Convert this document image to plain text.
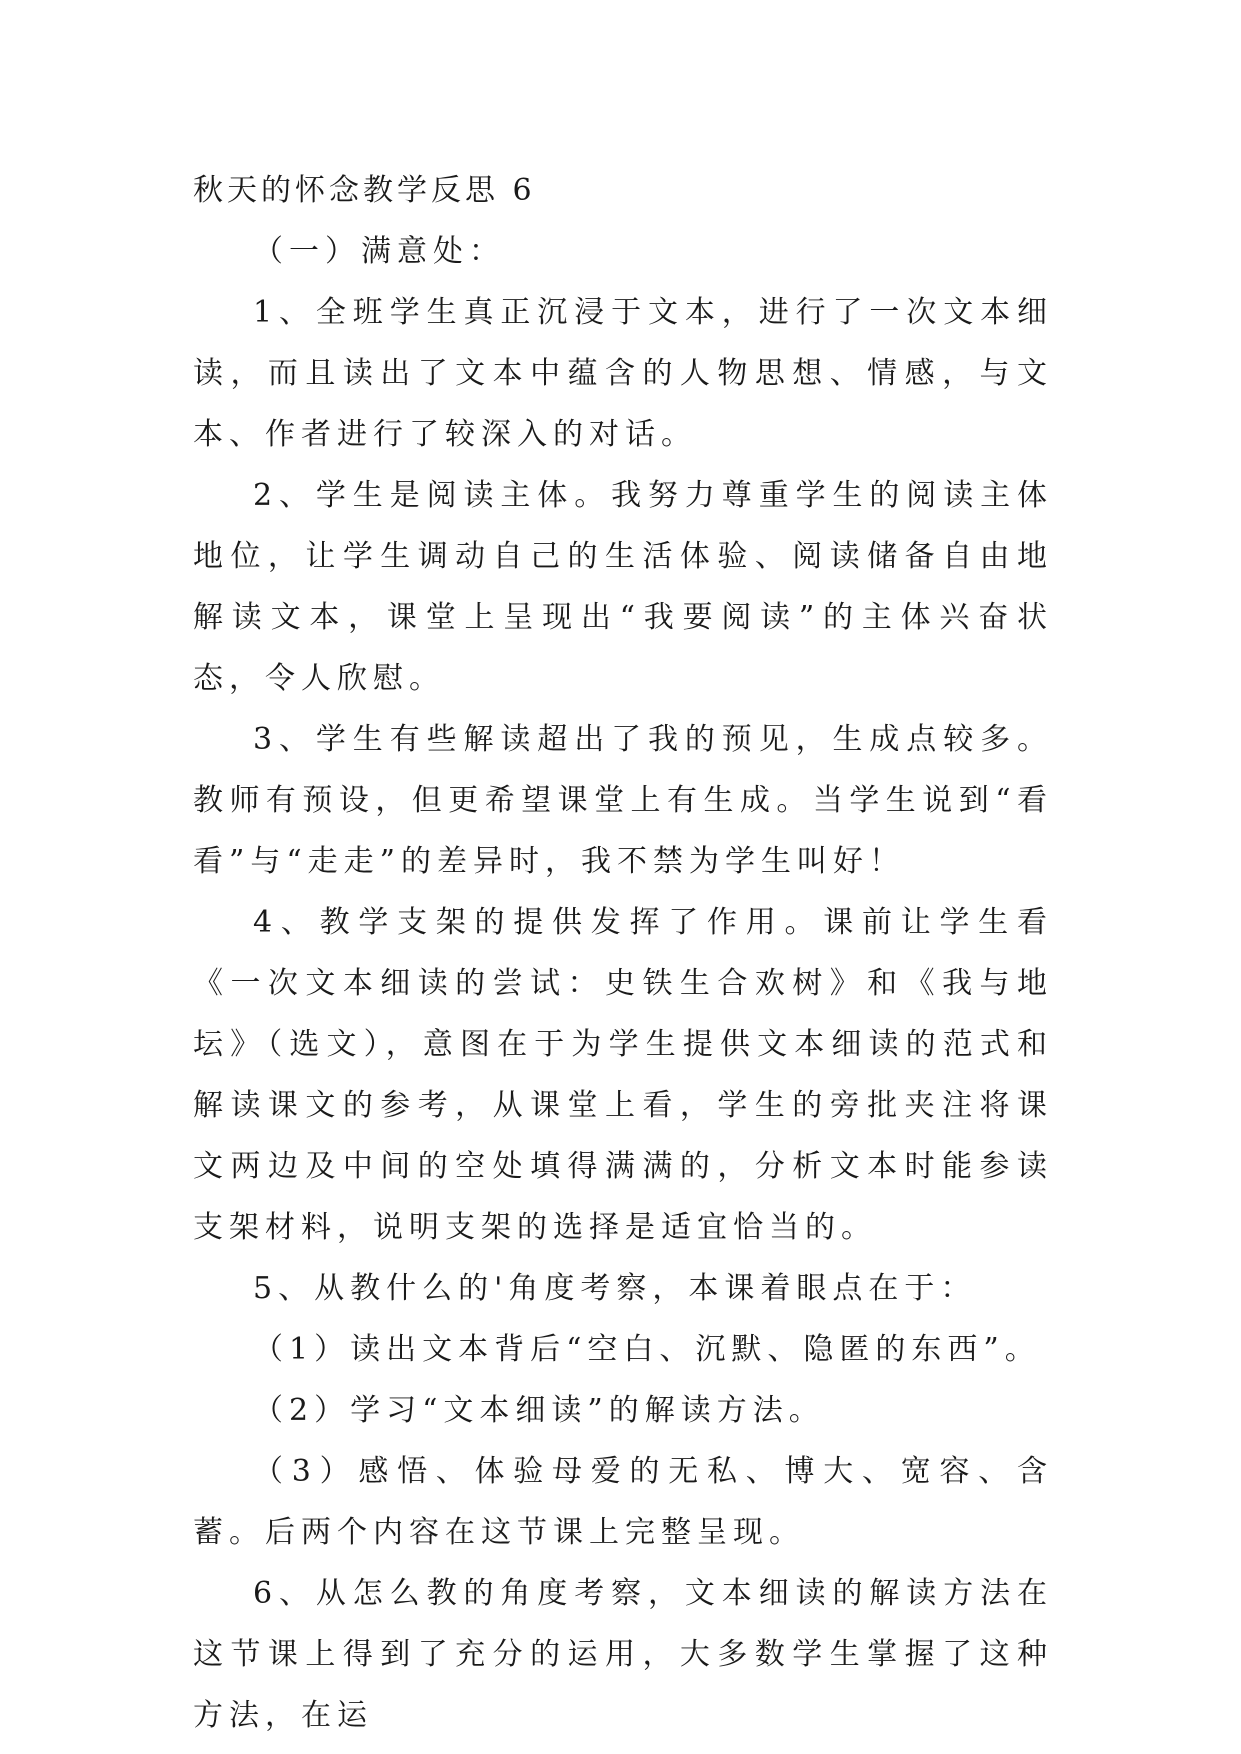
秋天的怀念教学反思 6

（一）满意处：

1、全班学生真正沉浸于文本，进行了一次文本细读，而且读出了文本中蕴含的人物思想、情感，与文本、作者进行了较深入的对话。

2、学生是阅读主体。我努力尊重学生的阅读主体地位，让学生调动自己的生活体验、阅读储备自由地解读文本，课堂上呈现出“我要阅读”的主体兴奋状态，令人欣慰。

3、学生有些解读超出了我的预见，生成点较多。教师有预设，但更希望课堂上有生成。当学生说到“看看”与“走走”的差异时，我不禁为学生叫好！

4、教学支架的提供发挥了作用。课前让学生看《一次文本细读的尝试：史铁生合欢树》和《我与地坛》（选文），意图在于为学生提供文本细读的范式和解读课文的参考，从课堂上看，学生的旁批夹注将课文两边及中间的空处填得满满的，分析文本时能参读支架材料，说明支架的选择是适宜恰当的。

5、从教什么的'角度考察，本课着眼点在于：

（1）读出文本背后“空白、沉默、隐匿的东西”。

（2）学习“文本细读”的解读方法。

（3）感悟、体验母爱的无私、博大、宽容、含蓄。后两个内容在这节课上完整呈现。

6、从怎么教的角度考察，文本细读的解读方法在这节课上得到了充分的运用，大多数学生掌握了这种方法，在运
